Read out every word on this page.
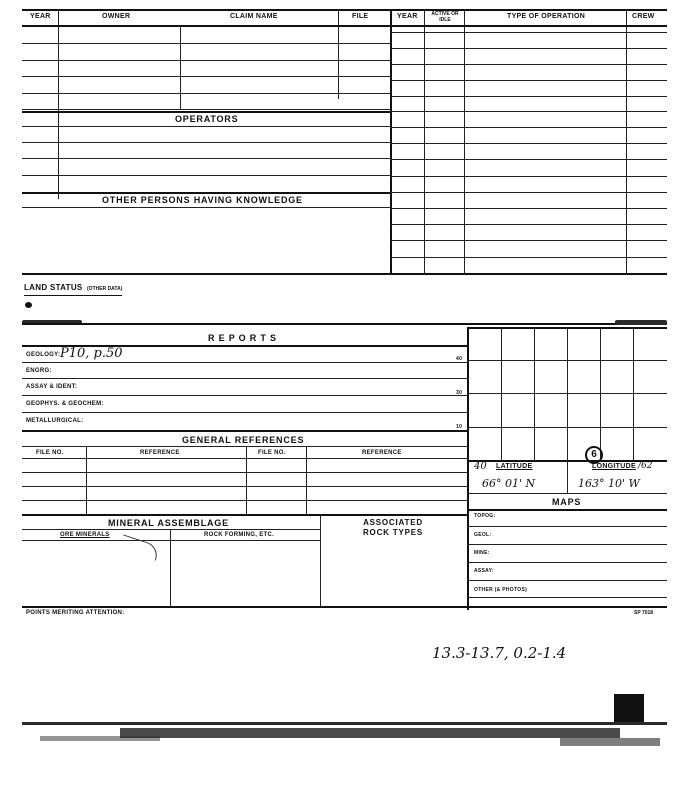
YEAR	OWNER	CLAIM NAME	FILE	YEAR	ACTIVE OR IDLE	TYPE OF OPERATION	CREW
OPERATORS
OTHER PERSONS HAVING KNOWLEDGE
LAND STATUS (OTHER DATA)
R E P O R T S
GEOLOGY: P10, p.50	40
ENGRG:
ASSAY & IDENT:
30
GEOPHYS. & GEOCHEM:
METALLURGICAL:
10
GENERAL REFERENCES
FILE NO.	REFERENCE	FILE NO.	REFERENCE
MINERAL ASSEMBLAGE	ASSOCIATED ROCK TYPES
ORE MINERALS	ROCK FORMING, ETC.
POINTS MERITING ATTENTION:	SP 7018
40 LATITUDE
6
LONGITUDE /62
66° 01' N	163° 10' W
MAPS
TOPOG:
GEOL:
MINE:
ASSAY:
OTHER (& PHOTOS)
13.3-13.7, 0.2-1.4
